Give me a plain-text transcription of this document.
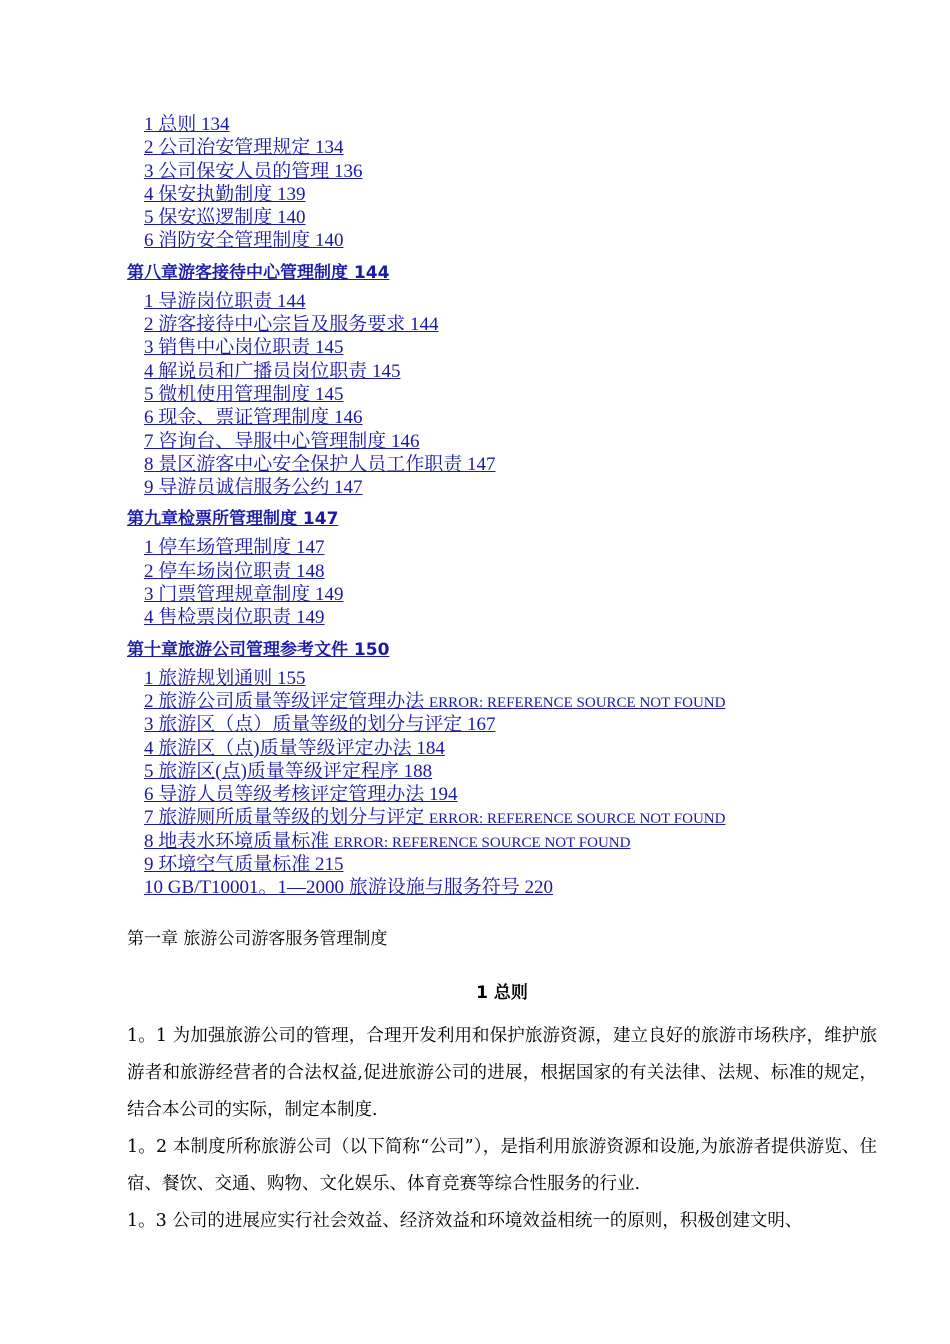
1 总则 134
2 公司治安管理规定 134
3 公司保安人员的管理 136
4 保安执勤制度 139
5 保安巡逻制度 140
6 消防安全管理制度 140
第八章游客接待中心管理制度 144
1 导游岗位职责 144
2 游客接待中心宗旨及服务要求 144
3 销售中心岗位职责 145
4 解说员和广播员岗位职责 145
5 微机使用管理制度 145
6 现金、票证管理制度 146
7 咨询台、导服中心管理制度 146
8 景区游客中心安全保护人员工作职责 147
9 导游员诚信服务公约 147
第九章检票所管理制度 147
1 停车场管理制度 147
2 停车场岗位职责 148
3 门票管理规章制度 149
4 售检票岗位职责 149
第十章旅游公司管理参考文件 150
1 旅游规划通则 155
2 旅游公司质量等级评定管理办法 ERROR: REFERENCE SOURCE NOT FOUND
3 旅游区（点）质量等级的划分与评定 167
4 旅游区（点)质量等级评定办法 184
5 旅游区(点)质量等级评定程序 188
6 导游人员等级考核评定管理办法 194
7 旅游厕所质量等级的划分与评定 ERROR: REFERENCE SOURCE NOT FOUND
8 地表水环境质量标准 ERROR: REFERENCE SOURCE NOT FOUND
9 环境空气质量标准 215
10 GB/T10001。1—2000 旅游设施与服务符号 220

第一章 旅游公司游客服务管理制度

1 总则

1。1 为加强旅游公司的管理，合理开发利用和保护旅游资源，建立良好的旅游市场秩序，维护旅游者和旅游经营者的合法权益,促进旅游公司的进展，根据国家的有关法律、法规、标准的规定，结合本公司的实际，制定本制度.

1。2 本制度所称旅游公司（以下简称“公司”），是指利用旅游资源和设施,为旅游者提供游览、住宿、餐饮、交通、购物、文化娱乐、体育竞赛等综合性服务的行业.

1。3 公司的进展应实行社会效益、经济效益和环境效益相统一的原则，积极创建文明、
